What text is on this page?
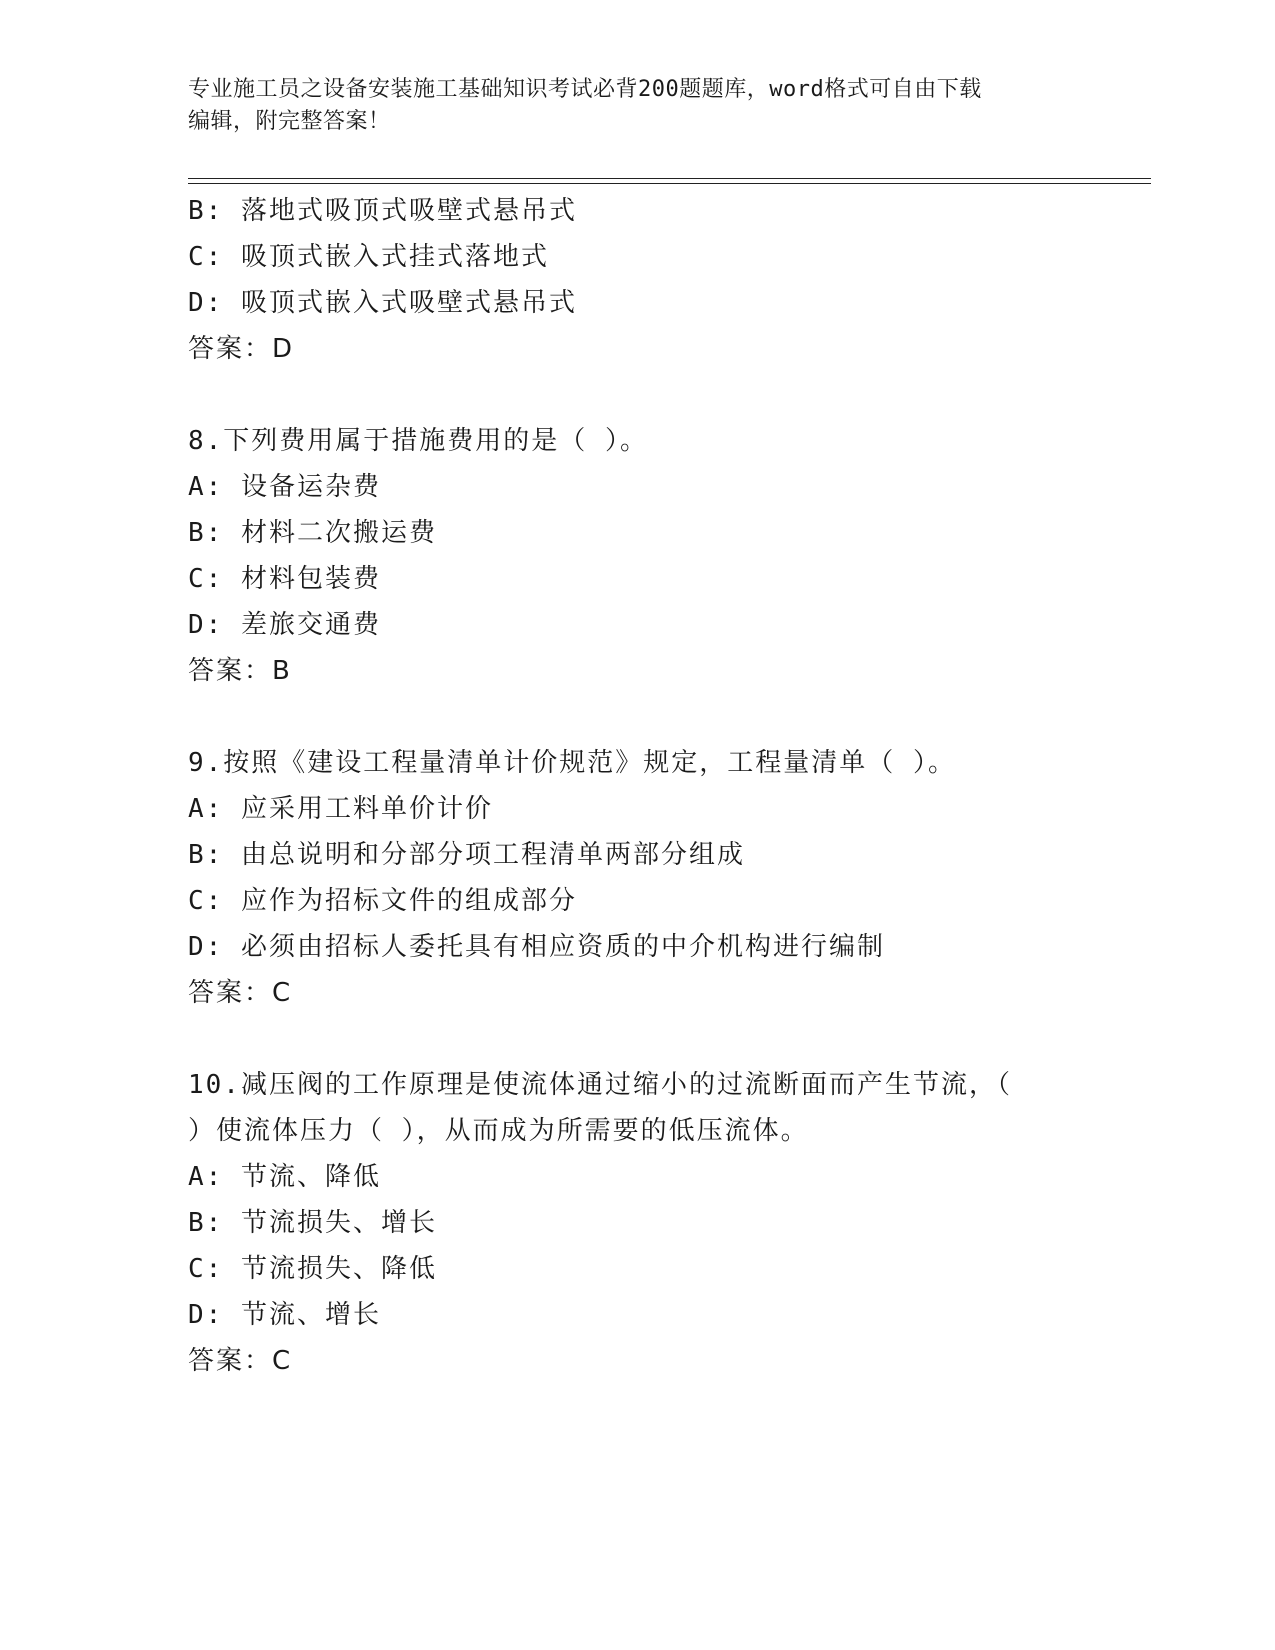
专业施工员之设备安装施工基础知识考试必背200题题库，word格式可自由下载
编辑，附完整答案！
B: 落地式吸顶式吸壁式悬吊式
C: 吸顶式嵌入式挂式落地式
D: 吸顶式嵌入式吸壁式悬吊式
答案：D
8.下列费用属于措施费用的是（ ）。
A: 设备运杂费
B: 材料二次搬运费
C: 材料包装费
D: 差旅交通费
答案：B
9.按照《建设工程量清单计价规范》规定，工程量清单（ ）。
A: 应采用工料单价计价
B: 由总说明和分部分项工程清单两部分组成
C: 应作为招标文件的组成部分
D: 必须由招标人委托具有相应资质的中介机构进行编制
答案：C
10.减压阀的工作原理是使流体通过缩小的过流断面而产生节流，（
）使流体压力（ ），从而成为所需要的低压流体。
A: 节流、降低
B: 节流损失、增长
C: 节流损失、降低
D: 节流、增长
答案：C
